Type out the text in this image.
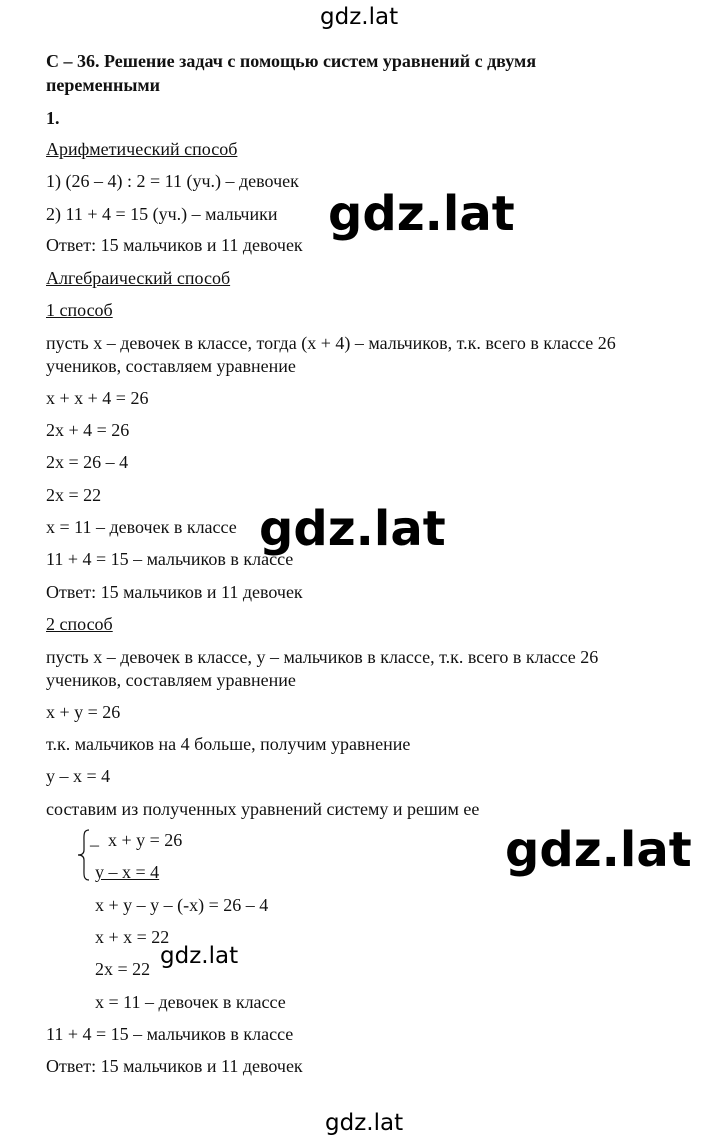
gdz.lat
С – 36. Решение задач с помощью систем уравнений с двумя
переменными
1.
Арифметический способ
1) (26 – 4) : 2 = 11 (уч.) – девочек
2) 11 + 4 = 15 (уч.) – мальчики
Ответ: 15 мальчиков и 11 девочек
Алгебраический способ
1 способ
пусть х – девочек в классе, тогда (х + 4) – мальчиков, т.к. всего в классе 26
учеников, составляем уравнение
х + х + 4 = 26
2х + 4 = 26
2х = 26 – 4
2х = 22
х = 11 – девочек в классе
11 + 4 = 15 – мальчиков в классе
Ответ: 15 мальчиков и 11 девочек
2 способ
пусть х – девочек в классе, у – мальчиков в классе, т.к. всего в классе 26
учеников, составляем уравнение
х + у = 26
т.к. мальчиков на 4 больше, получим уравнение
у – х = 4
составим из полученных уравнений систему и решим ее
_ х + у = 26
у – х = 4
х + у – у – (-х) = 26 – 4
х + х = 22
2х = 22
х = 11 – девочек в классе
11 + 4 = 15 – мальчиков в классе
Ответ: 15 мальчиков и 11 девочек
gdz.lat
gdz.lat
gdz.lat
gdz.lat
gdz.lat
